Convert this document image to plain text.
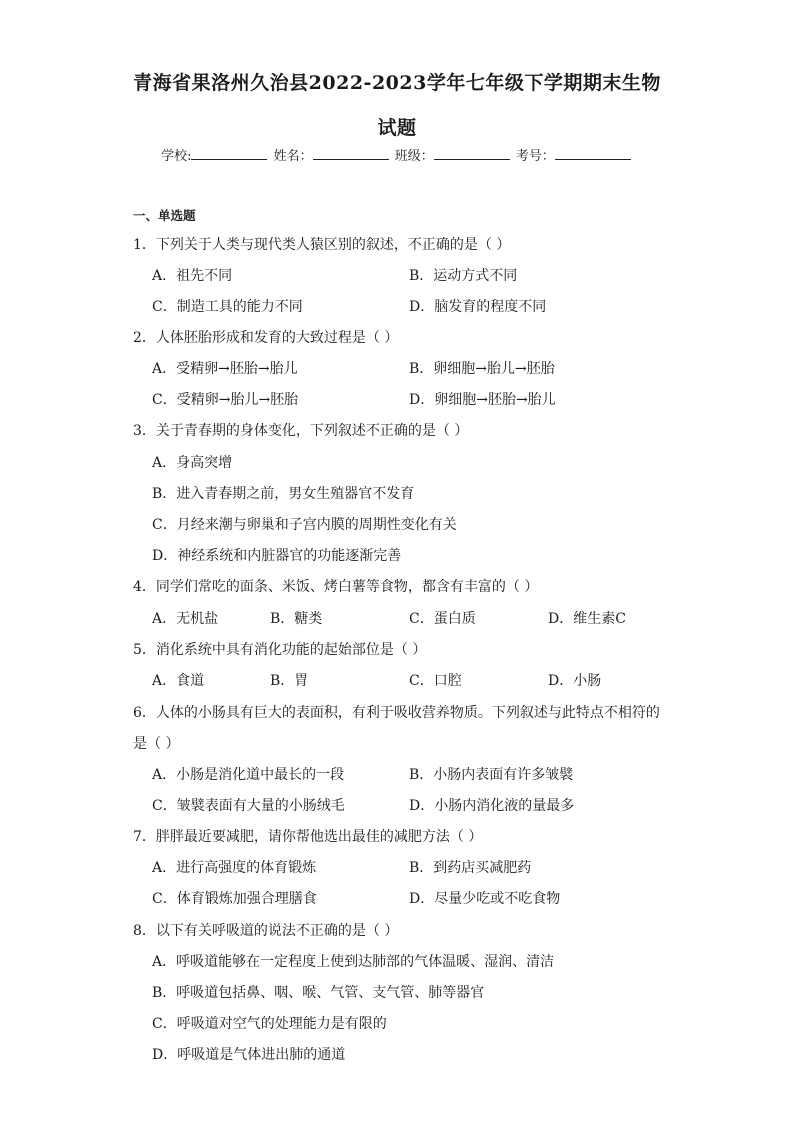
青海省果洛州久治县2022-2023学年七年级下学期期末生物
试题
学校:	姓名：	班级：	考号：
一、单选题
1．下列关于人类与现代类人猿区别的叙述，不正确的是（ ）
A．祖先不同	B．运动方式不同
C．制造工具的能力不同	D．脑发育的程度不同
2．人体胚胎形成和发育的大致过程是（ ）
A．受精卵→胚胎→胎儿	B．卵细胞→胎儿→胚胎
C．受精卵→胎儿→胚胎	D．卵细胞→胚胎→胎儿
3．关于青春期的身体变化，下列叙述不正确的是（ ）
A．身高突增
B．进入青春期之前，男女生殖器官不发育
C．月经来潮与卵巢和子宫内膜的周期性变化有关
D．神经系统和内脏器官的功能逐渐完善
4．同学们常吃的面条、米饭、烤白薯等食物，都含有丰富的（ ）
A．无机盐	B．糖类	C．蛋白质	D．维生素C
5．消化系统中具有消化功能的起始部位是（ ）
A．食道	B．胃	C．口腔	D．小肠
6．人体的小肠具有巨大的表面积，有利于吸收营养物质。下列叙述与此特点不相符的
是（ ）
A．小肠是消化道中最长的一段	B．小肠内表面有许多皱襞
C．皱襞表面有大量的小肠绒毛	D．小肠内消化液的量最多
7．胖胖最近要减肥，请你帮他选出最佳的减肥方法（ ）
A．进行高强度的体育锻炼	B．到药店买减肥药
C．体育锻炼加强合理膳食	D．尽量少吃或不吃食物
8．以下有关呼吸道的说法不正确的是（ ）
A．呼吸道能够在一定程度上使到达肺部的气体温暖、湿润、清洁
B．呼吸道包括鼻、咽、喉、气管、支气管、肺等器官
C．呼吸道对空气的处理能力是有限的
D．呼吸道是气体进出肺的通道
